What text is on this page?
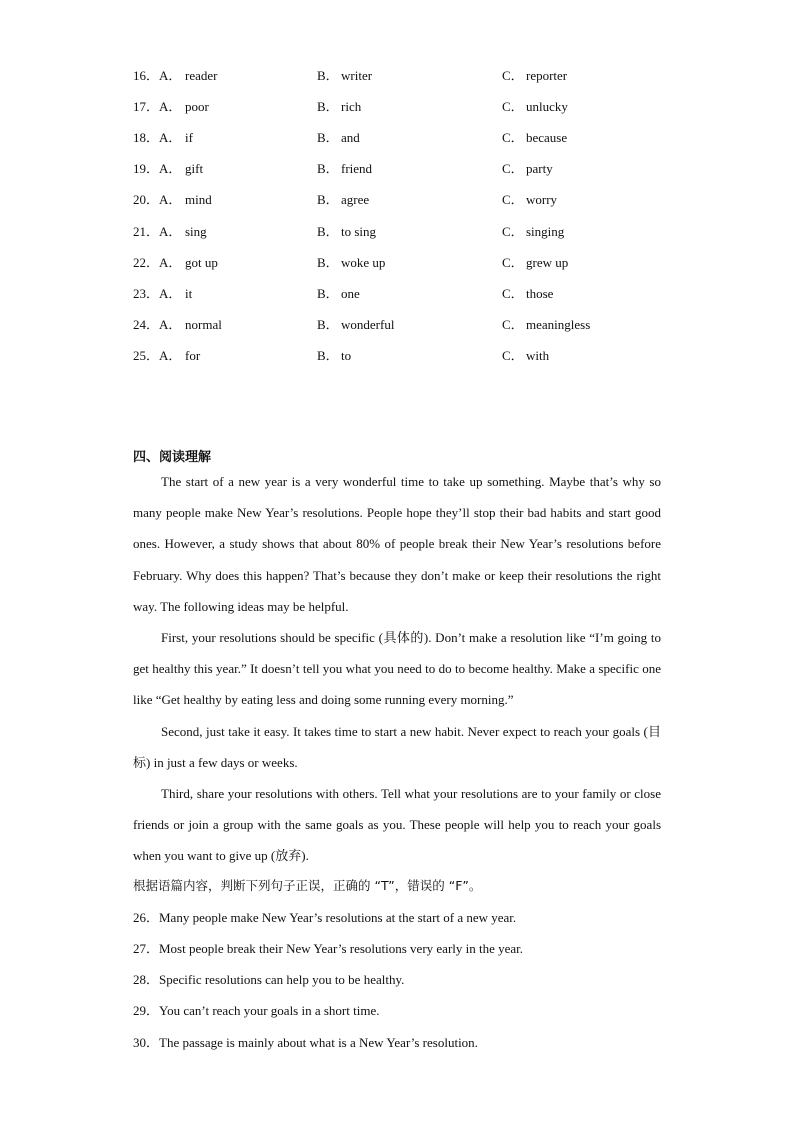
16．A． reader	B． writer	C． reporter
17．A． poor	B． rich	C． unlucky
18．A． if	B． and	C． because
19．A． gift	B． friend	C． party
20．A． mind	B． agree	C． worry
21．A． sing	B． to sing	C． singing
22．A． got up	B． woke up	C． grew up
23．A． it	B． one	C． those
24．A． normal	B． wonderful	C． meaningless
25．A． for	B． to	C． with
四、阅读理解

The start of a new year is a very wonderful time to take up something. Maybe that’s why so many people make New Year’s resolutions. People hope they’ll stop their bad habits and start good ones. However, a study shows that about 80% of people break their New Year’s resolutions before February. Why does this happen? That’s because they don’t make or keep their resolutions the right way. The following ideas may be helpful.

First, your resolutions should be specific (具体的). Don’t make a resolution like “I’m going to get healthy this year.” It doesn’t tell you what you need to do to become healthy. Make a specific one like “Get healthy by eating less and doing some running every morning.”

Second, just take it easy. It takes time to start a new habit. Never expect to reach your goals (目标) in just a few days or weeks.

Third, share your resolutions with others. Tell what your resolutions are to your family or close friends or join a group with the same goals as you. These people will help you to reach your goals when you want to give up (放弃).

根据语篇内容，判断下列句子正误，正确的 “T”，错误的 “F”。
26．Many people make New Year’s resolutions at the start of a new year.
27．Most people break their New Year’s resolutions very early in the year.
28．Specific resolutions can help you to be healthy.
29．You can’t reach your goals in a short time.
30．The passage is mainly about what is a New Year’s resolution.
